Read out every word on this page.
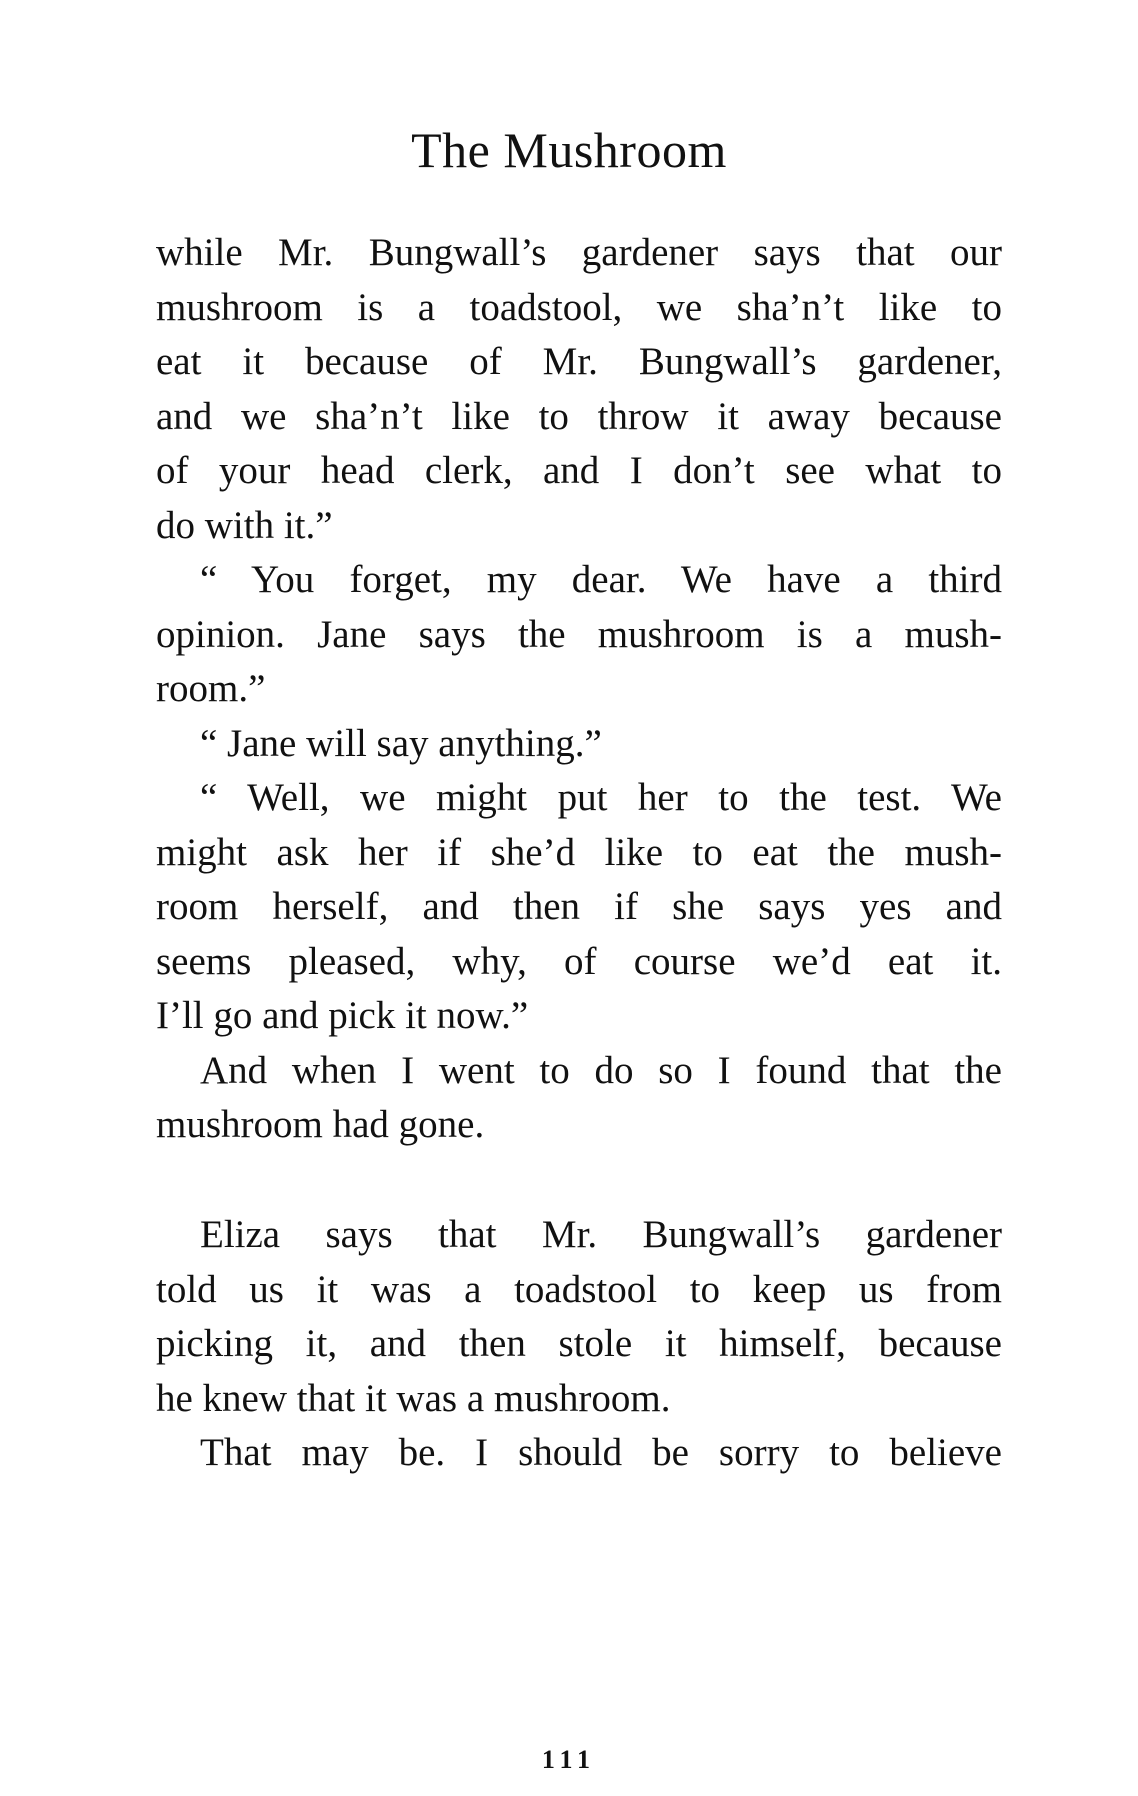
The Mushroom
while Mr. Bungwall’s gardener says that our
mushroom is a toadstool, we sha’n’t like to
eat it because of Mr. Bungwall’s gardener,
and we sha’n’t like to throw it away because
of your head clerk, and I don’t see what to
do with it.”
“ You forget, my dear. We have a third
opinion. Jane says the mushroom is a mush-
room.”
“ Jane will say anything.”
“ Well, we might put her to the test. We
might ask her if she’d like to eat the mush-
room herself, and then if she says yes and
seems pleased, why, of course we’d eat it.
I’ll go and pick it now.”
And when I went to do so I found that the
mushroom had gone.
Eliza says that Mr. Bungwall’s gardener
told us it was a toadstool to keep us from
picking it, and then stole it himself, because
he knew that it was a mushroom.
That may be. I should be sorry to believe
111
